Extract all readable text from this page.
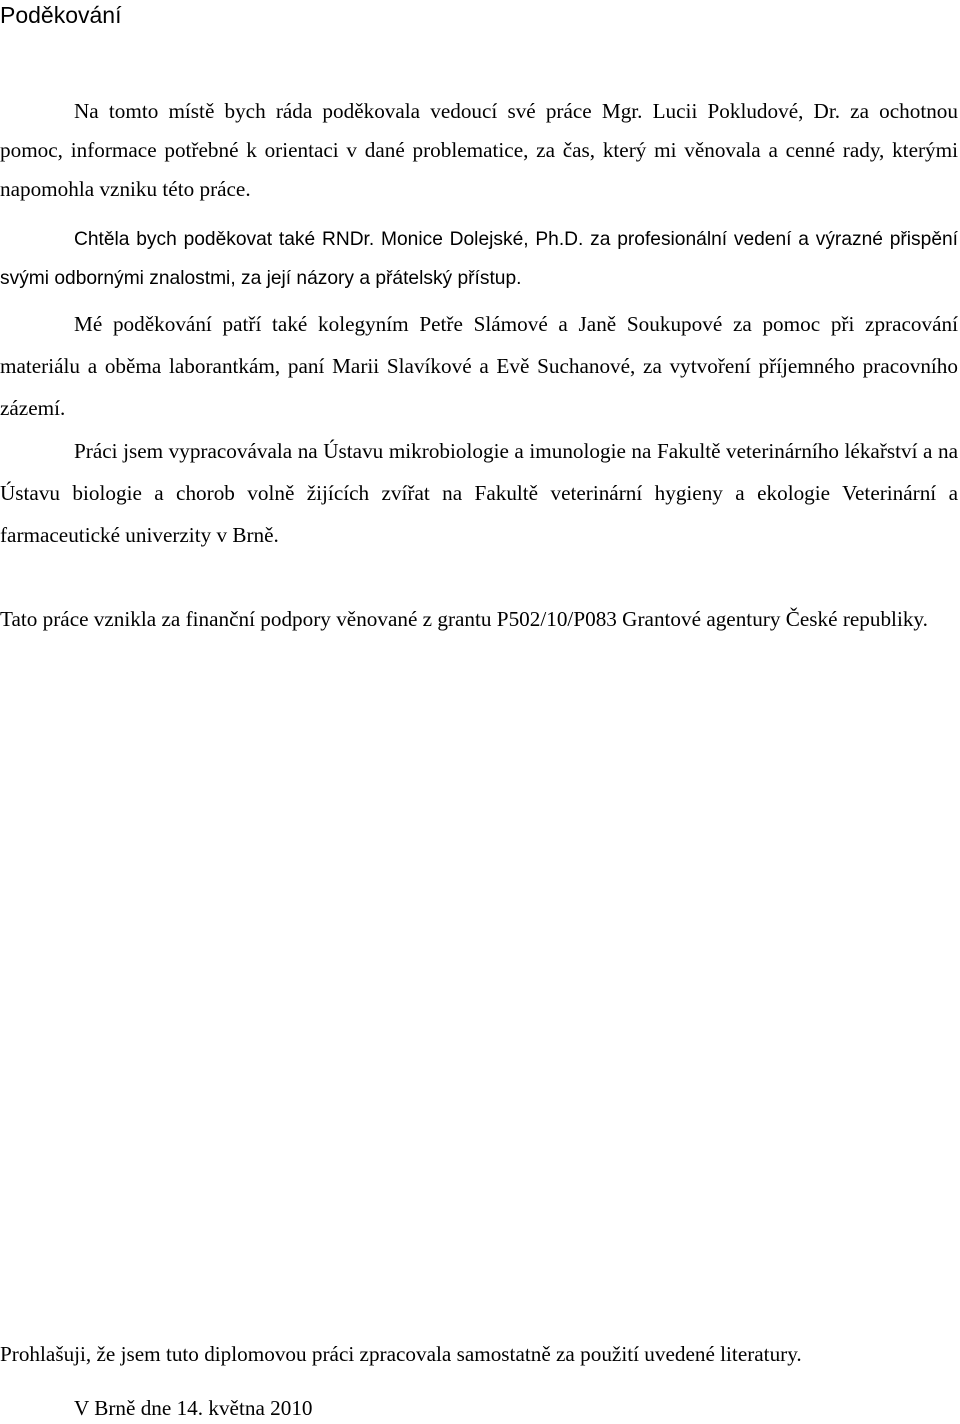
Poděkování

Na tomto místě bych ráda poděkovala vedoucí své práce Mgr. Lucii Pokludové, Dr. za ochotnou pomoc, informace potřebné k orientaci v dané problematice, za čas, který mi věnovala a cenné rady, kterými napomohla vzniku této práce.

Chtěla bych poděkovat také RNDr. Monice Dolejské, Ph.D. za profesionální vedení a výrazné přispění svými odbornými znalostmi, za její názory a přátelský přístup.

Mé poděkování patří také kolegyním Petře Slámové a Janě Soukupové za pomoc při zpracování materiálu a oběma laborantkám, paní Marii Slavíkové a Evě Suchanové, za vytvoření příjemného pracovního zázemí.

Práci jsem vypracovávala na Ústavu mikrobiologie a imunologie na Fakultě veterinárního lékařství a na Ústavu biologie a chorob volně žijících zvířat na Fakultě veterinární hygieny a ekologie Veterinární a farmaceutické univerzity v Brně.

Tato práce vznikla za finanční podpory věnované z grantu P502/10/P083 Grantové agentury České republiky.

Prohlašuji, že jsem tuto diplomovou práci zpracovala samostatně za použití uvedené literatury.

V Brně dne 14. května 2010
